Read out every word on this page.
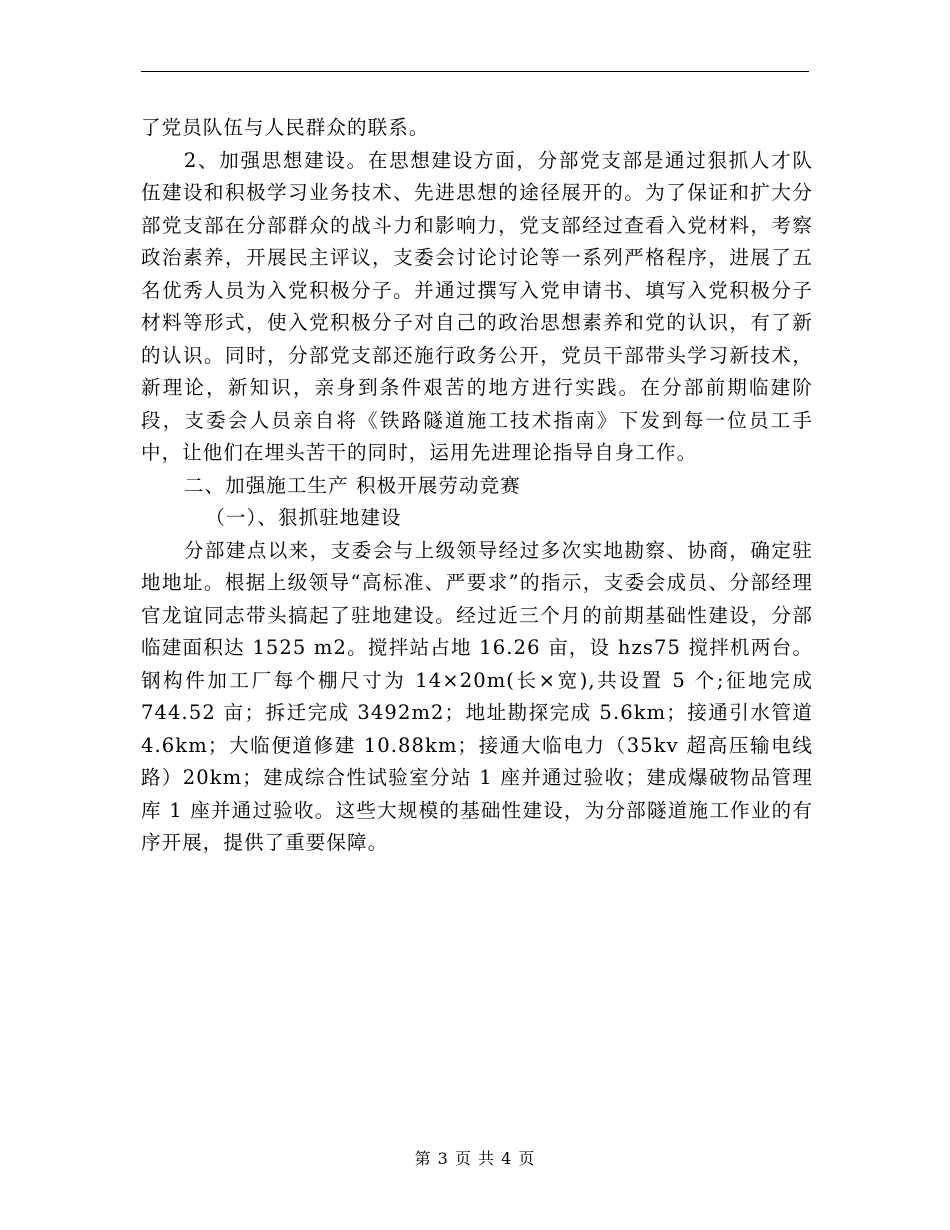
了党员队伍与人民群众的联系。

2、加强思想建设。在思想建设方面，分部党支部是通过狠抓人才队伍建设和积极学习业务技术、先进思想的途径展开的。为了保证和扩大分部党支部在分部群众的战斗力和影响力，党支部经过查看入党材料，考察政治素养，开展民主评议，支委会讨论讨论等一系列严格程序，进展了五名优秀人员为入党积极分子。并通过撰写入党申请书、填写入党积极分子材料等形式，使入党积极分子对自己的政治思想素养和党的认识，有了新的认识。同时，分部党支部还施行政务公开，党员干部带头学习新技术，新理论，新知识，亲身到条件艰苦的地方进行实践。在分部前期临建阶段，支委会人员亲自将《铁路隧道施工技术指南》下发到每一位员工手中，让他们在埋头苦干的同时，运用先进理论指导自身工作。

二、加强施工生产 积极开展劳动竞赛

（一）、狠抓驻地建设

分部建点以来，支委会与上级领导经过多次实地勘察、协商，确定驻地地址。根据上级领导“高标准、严要求”的指示，支委会成员、分部经理官龙谊同志带头搞起了驻地建设。经过近三个月的前期基础性建设，分部临建面积达 1525 m2。搅拌站占地 16.26 亩，设 hzs75 搅拌机两台。钢构件加工厂每个棚尺寸为 14×20m(长×宽),共设置 5 个;征地完成 744.52 亩；拆迁完成 3492m2；地址勘探完成 5.6km；接通引水管道 4.6km；大临便道修建 10.88km；接通大临电力（35kv 超高压输电线路）20km；建成综合性试验室分站 1 座并通过验收；建成爆破物品管理库 1 座并通过验收。这些大规模的基础性建设，为分部隧道施工作业的有序开展，提供了重要保障。

第 3 页 共 4 页
